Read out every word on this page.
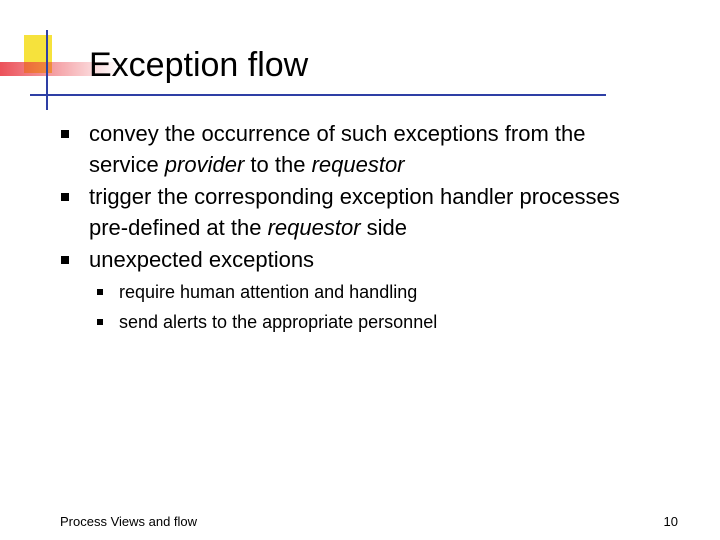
Exception flow
convey the occurrence of such exceptions from the
service provider to the requestor
trigger the corresponding exception handler processes
pre-defined at the requestor side
unexpected exceptions
require human attention and handling
send alerts to the appropriate personnel
Process Views and flow	10
